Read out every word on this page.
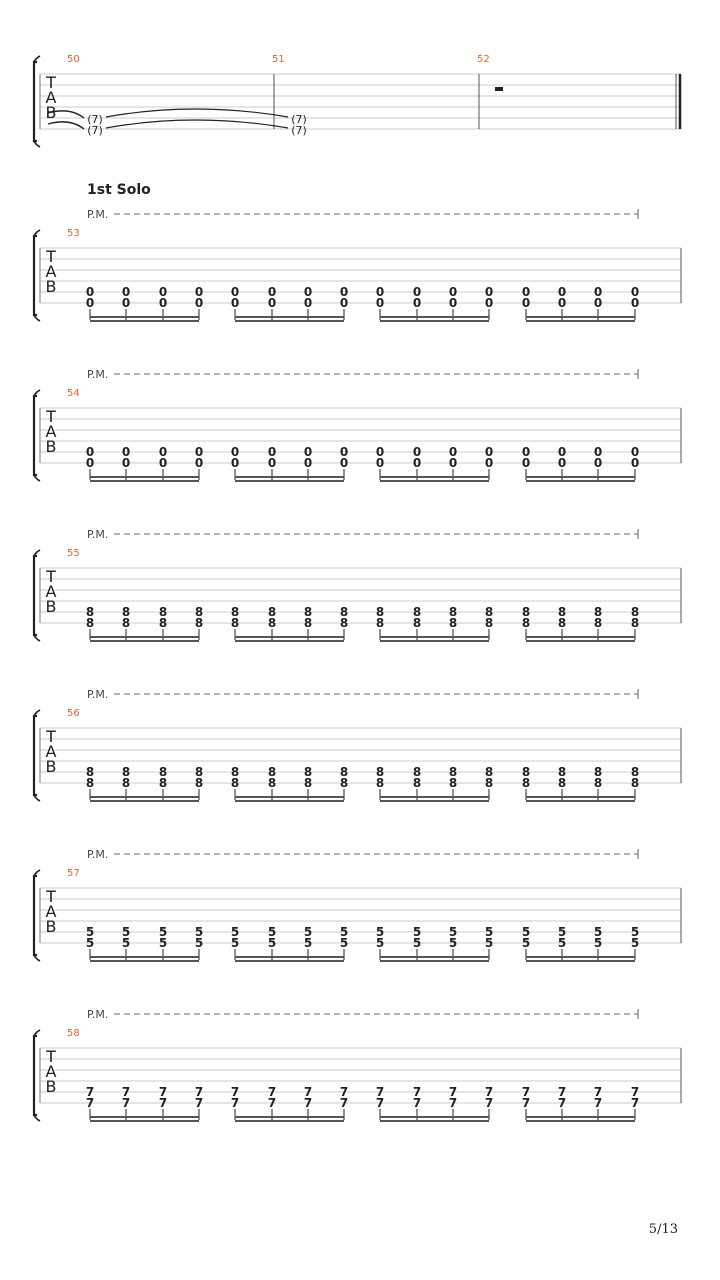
T
A
B
50	51	52
(7)
(7)
(7)
(7)
T
A
B
P.M.
53
0
0
0
0
0
0
0
0
0
0
0
0
0
0
0
0
0
0
0
0
0
0
0
0
0
0
0
0
0
0
0
0
T
A
B
P.M.
54
0
0
0
0
0
0
0
0
0
0
0
0
0
0
0
0
0
0
0
0
0
0
0
0
0
0
0
0
0
0
0
0
T
A
B
P.M.
55
8
8
8
8
8
8
8
8
8
8
8
8
8
8
8
8
8
8
8
8
8
8
8
8
8
8
8
8
8
8
8
8
T
A
B
P.M.
56
8
8
8
8
8
8
8
8
8
8
8
8
8
8
8
8
8
8
8
8
8
8
8
8
8
8
8
8
8
8
8
8
T
A
B
P.M.
57
5
5
5
5
5
5
5
5
5
5
5
5
5
5
5
5
5
5
5
5
5
5
5
5
5
5
5
5
5
5
5
5
T
A
B
P.M.
58
7
7
7
7
7
7
7
7
7
7
7
7
7
7
7
7
7
7
7
7
7
7
7
7
7
7
7
7
7
7
7
7
1st Solo
5/13
